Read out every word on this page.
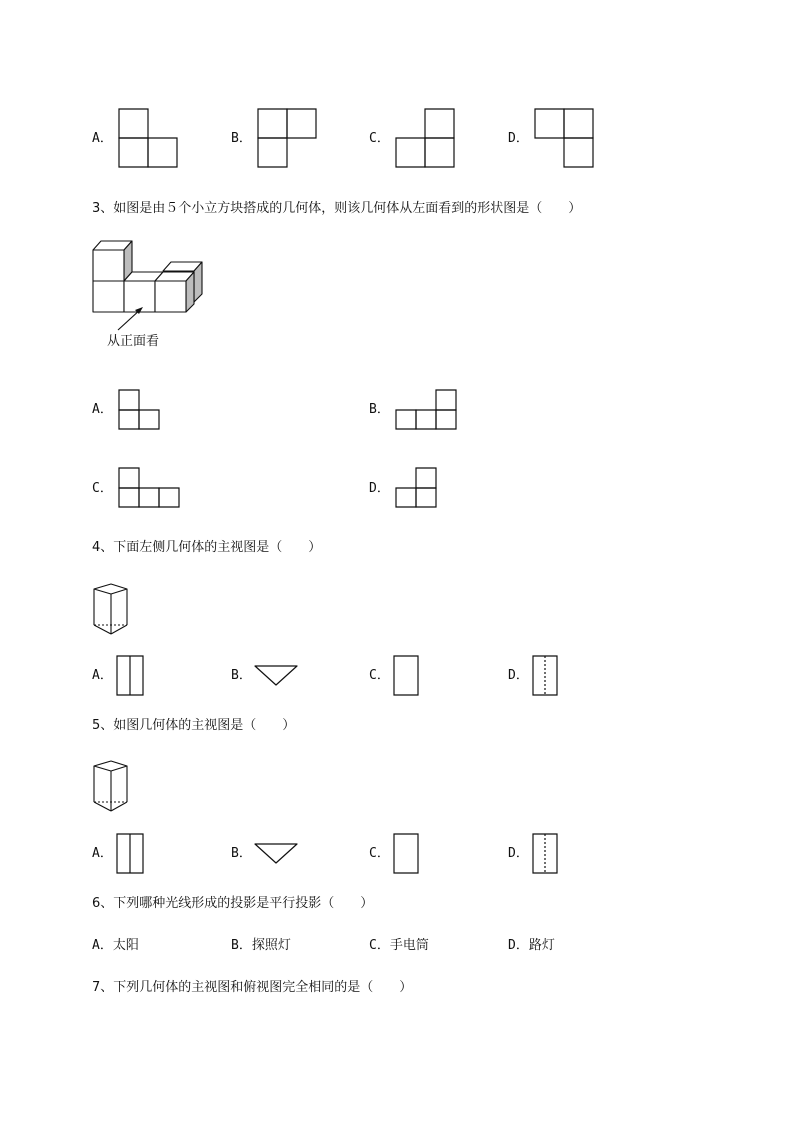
A．	B．	C．	D．
3、如图是由５个小立方块搭成的几何体，则该几何体从左面看到的形状图是（　　）
从正面看
A．	B．
C．	D．
4、下面左侧几何体的主视图是（　　）
A．	B．	C．	D．
5、如图几何体的主视图是（　　）
A．	B．	C．	D．
6、下列哪种光线形成的投影是平行投影（　　）
A．太阳	B．探照灯	C．手电筒	D．路灯
7、下列几何体的主视图和俯视图完全相同的是（　　）
